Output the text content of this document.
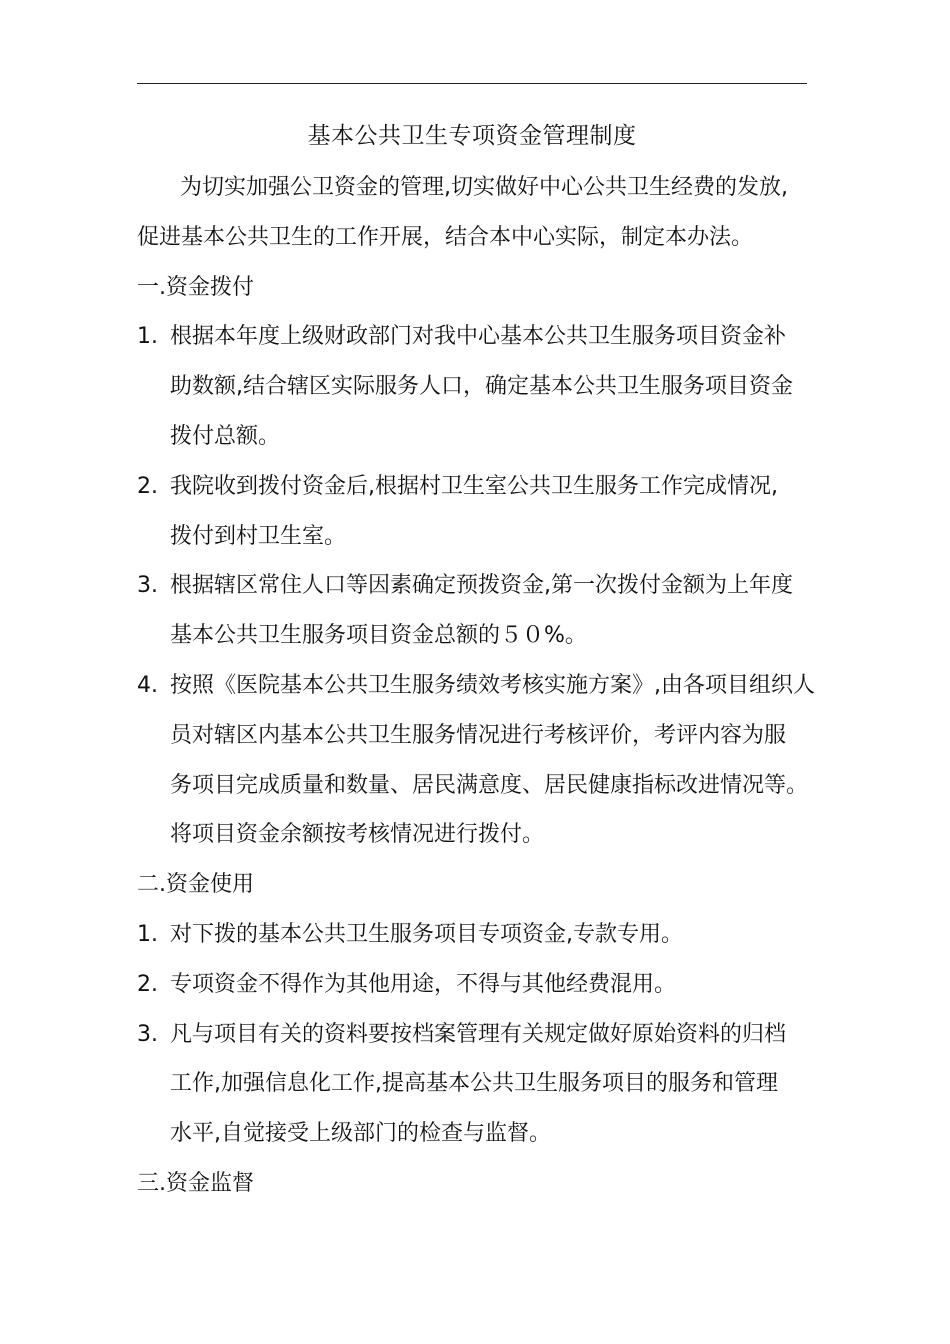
基本公共卫生专项资金管理制度
为切实加强公卫资金的管理,切实做好中心公共卫生经费的发放,
促进基本公共卫生的工作开展，结合本中心实际，制定本办法。
一.资金拨付
1. 根据本年度上级财政部门对我中心基本公共卫生服务项目资金补
助数额,结合辖区实际服务人口，确定基本公共卫生服务项目资金
拨付总额。
2. 我院收到拨付资金后,根据村卫生室公共卫生服务工作完成情况,
拨付到村卫生室。
3. 根据辖区常住人口等因素确定预拨资金,第一次拨付金额为上年度
基本公共卫生服务项目资金总额的５０%。
4. 按照《医院基本公共卫生服务绩效考核实施方案》,由各项目组织人
员对辖区内基本公共卫生服务情况进行考核评价，考评内容为服
务项目完成质量和数量、居民满意度、居民健康指标改进情况等。
将项目资金余额按考核情况进行拨付。
二.资金使用
1. 对下拨的基本公共卫生服务项目专项资金,专款专用。
2. 专项资金不得作为其他用途，不得与其他经费混用。
3. 凡与项目有关的资料要按档案管理有关规定做好原始资料的归档
工作,加强信息化工作,提高基本公共卫生服务项目的服务和管理
水平,自觉接受上级部门的检查与监督。
三.资金监督
